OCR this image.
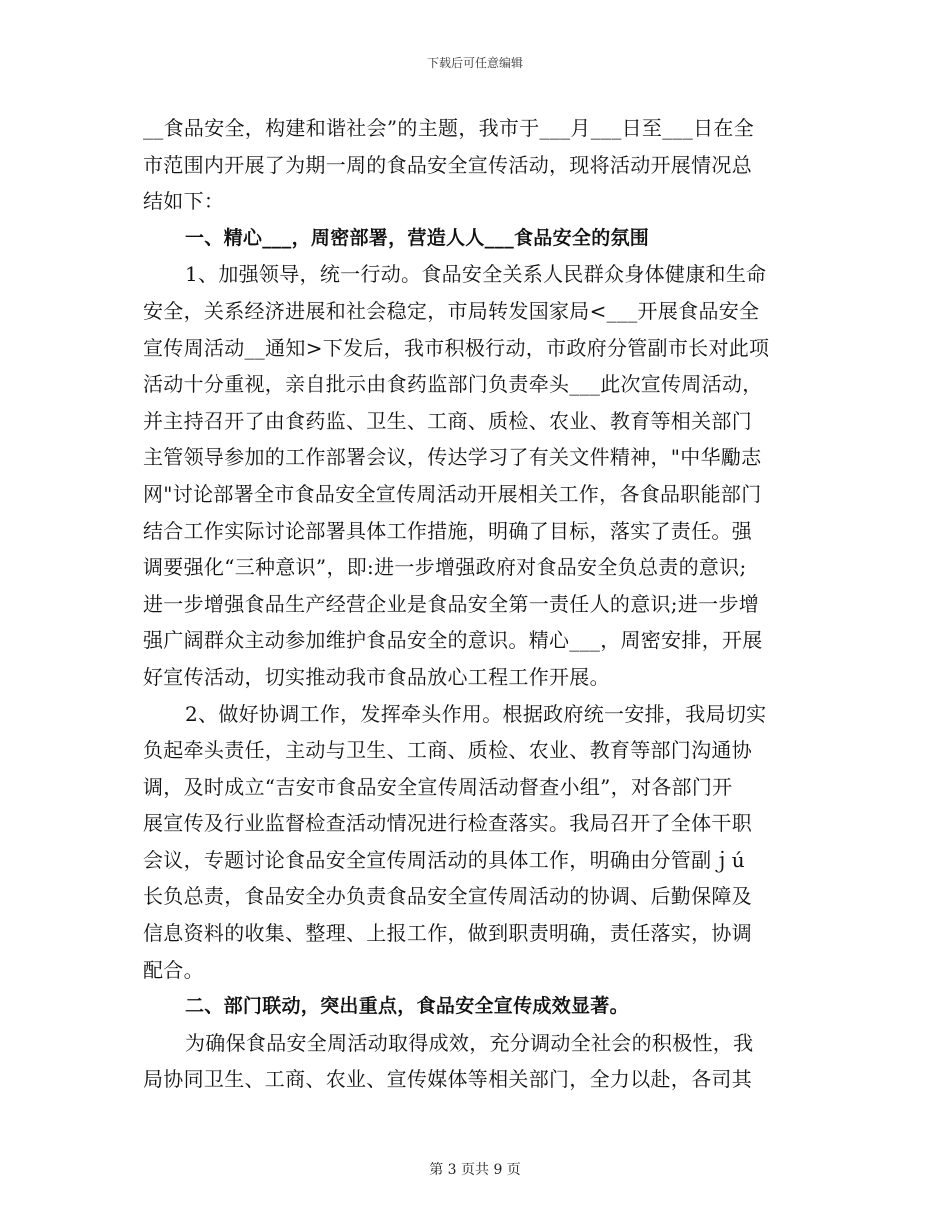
下载后可任意编辑
__食品安全，构建和谐社会”的主题，我市于___月___日至___日在全
市范围内开展了为期一周的食品安全宣传活动，现将活动开展情况总
结如下：
一、精心___，周密部署，营造人人___食品安全的氛围
1、加强领导，统一行动。食品安全关系人民群众身体健康和生命
安全，关系经济进展和社会稳定，市局转发国家局<___开展食品安全
宣传周活动__通知>下发后，我市积极行动，市政府分管副市长对此项
活动十分重视，亲自批示由食药监部门负责牵头___此次宣传周活动，
并主持召开了由食药监、卫生、工商、质检、农业、教育等相关部门
主管领导参加的工作部署会议，传达学习了有关文件精神，"中华勵志
网"讨论部署全市食品安全宣传周活动开展相关工作，各食品职能部门
结合工作实际讨论部署具体工作措施，明确了目标，落实了责任。强
调要强化“三种意识”，即:进一步增强政府对食品安全负总责的意识;
进一步增强食品生产经营企业是食品安全第一责任人的意识;进一步增
强广阔群众主动参加维护食品安全的意识。精心___，周密安排，开展
好宣传活动，切实推动我市食品放心工程工作开展。
2、做好协调工作，发挥牵头作用。根据政府统一安排，我局切实
负起牵头责任，主动与卫生、工商、质检、农业、教育等部门沟通协
调，及时成立“吉安市食品安全宣传周活动督查小组”，对各部门开
展宣传及行业监督检查活动情况进行检查落实。我局召开了全体干职
会议，专题讨论食品安全宣传周活动的具体工作，明确由分管副ｊú
长负总责，食品安全办负责食品安全宣传周活动的协调、后勤保障及
信息资料的收集、整理、上报工作，做到职责明确，责任落实，协调
配合。
二、部门联动，突出重点，食品安全宣传成效显著。
为确保食品安全周活动取得成效，充分调动全社会的积极性，我
局协同卫生、工商、农业、宣传媒体等相关部门，全力以赴，各司其
第 3 页共 9 页
